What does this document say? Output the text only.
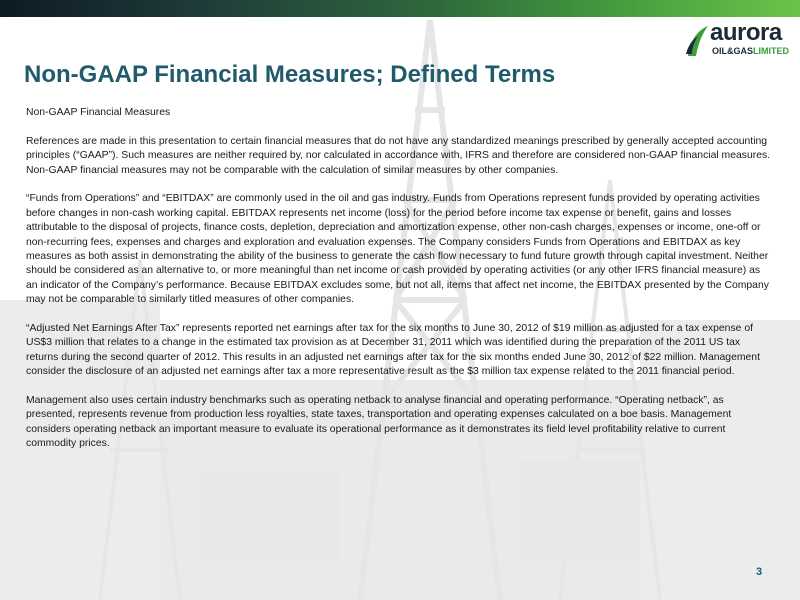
aurora
OIL&GASLIMITED
Non-GAAP Financial Measures; Defined Terms

Non-GAAP Financial Measures

References are made in this presentation to certain financial measures that do not have any standardized meanings prescribed by generally accepted accounting principles (“GAAP”). Such measures are neither required by, nor calculated in accordance with, IFRS and therefore are considered non-GAAP financial measures. Non-GAAP financial measures may not be comparable with the calculation of similar measures by other companies.

“Funds from Operations” and “EBITDAX” are commonly used in the oil and gas industry. Funds from Operations represent funds provided by operating activities before changes in non-cash working capital. EBITDAX represents net income (loss) for the period before income tax expense or benefit, gains and losses attributable to the disposal of projects, finance costs, depletion, depreciation and amortization expense, other non-cash charges, expenses or income, one-off or non-recurring fees, expenses and charges and exploration and evaluation expenses. The Company considers Funds from Operations and EBITDAX as key measures as both assist in demonstrating the ability of the business to generate the cash flow necessary to fund future growth through capital investment. Neither should be considered as an alternative to, or more meaningful than net income or cash provided by operating activities (or any other IFRS financial measure) as an indicator of the Company’s performance. Because EBITDAX excludes some, but not all, items that affect net income, the EBITDAX presented by the Company may not be comparable to similarly titled measures of other companies.

“Adjusted Net Earnings After Tax” represents reported net earnings after tax for the six months to June 30, 2012 of $19 million as adjusted for a tax expense of US$3 million that relates to a change in the estimated tax provision as at December 31, 2011 which was identified during the preparation of the 2011 US tax returns during the second quarter of 2012. This results in an adjusted net earnings after tax for the six months ended June 30, 2012 of $22 million. Management consider the disclosure of an adjusted net earnings after tax a more representative result as the $3 million tax expense related to the 2011 financial period.

Management also uses certain industry benchmarks such as operating netback to analyse financial and operating performance. “Operating netback”, as presented, represents revenue from production less royalties, state taxes, transportation and operating expenses calculated on a boe basis. Management considers operating netback an important measure to evaluate its operational performance as it demonstrates its field level profitability relative to current commodity prices.

3
